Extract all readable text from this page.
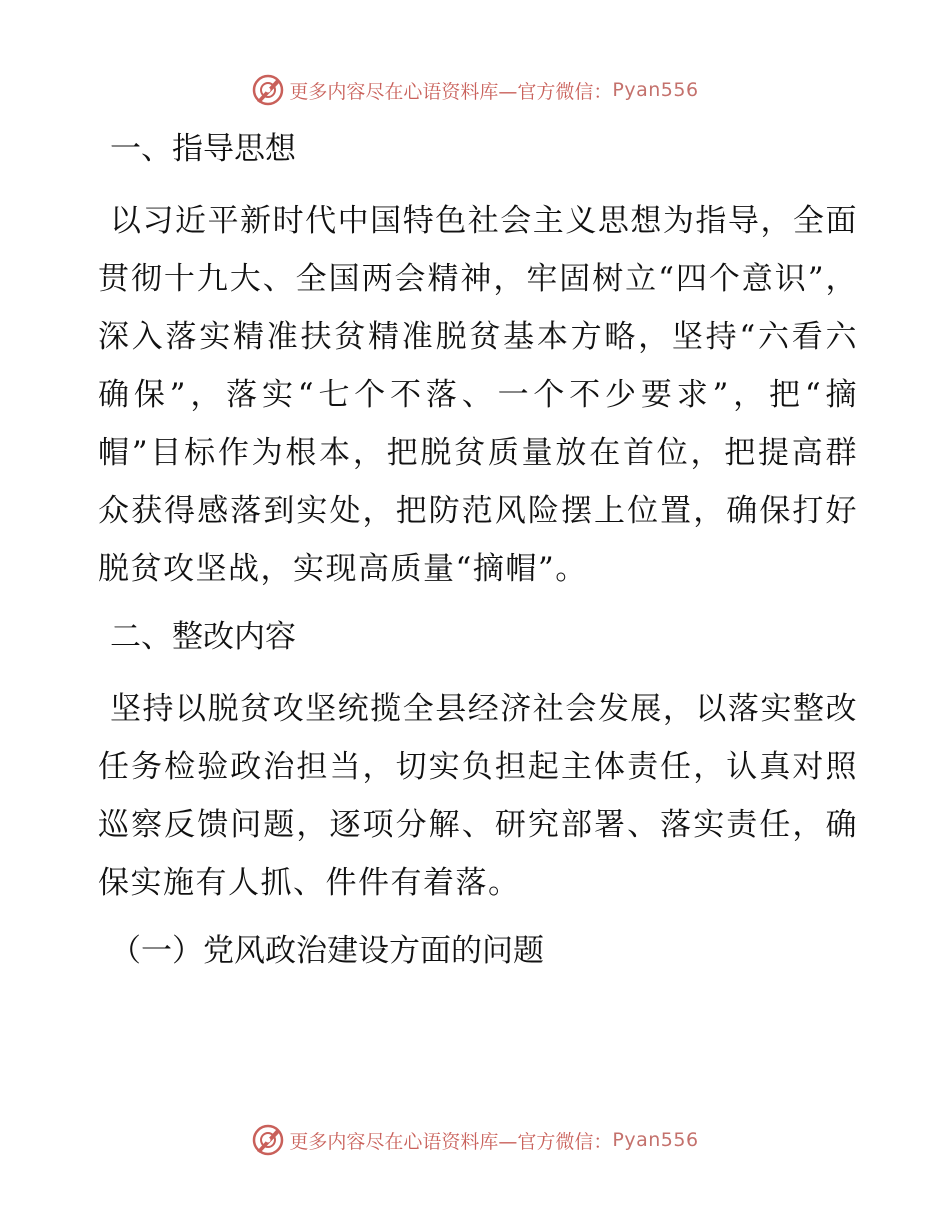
更多内容尽在心语资料库—官方微信： Pyan556
一、指导思想

以习近平新时代中国特色社会主义思想为指导，全面贯彻十九大、全国两会精神，牢固树立“四个意识”，深入落实精准扶贫精准脱贫基本方略，坚持“六看六确保”，落实“七个不落、一个不少要求”，把“摘帽”目标作为根本，把脱贫质量放在首位，把提高群众获得感落到实处，把防范风险摆上位置，确保打好脱贫攻坚战，实现高质量“摘帽”。

二、整改内容

坚持以脱贫攻坚统揽全县经济社会发展，以落实整改任务检验政治担当，切实负担起主体责任，认真对照巡察反馈问题，逐项分解、研究部署、落实责任，确保实施有人抓、件件有着落。

（一）党风政治建设方面的问题
更多内容尽在心语资料库—官方微信： Pyan556
